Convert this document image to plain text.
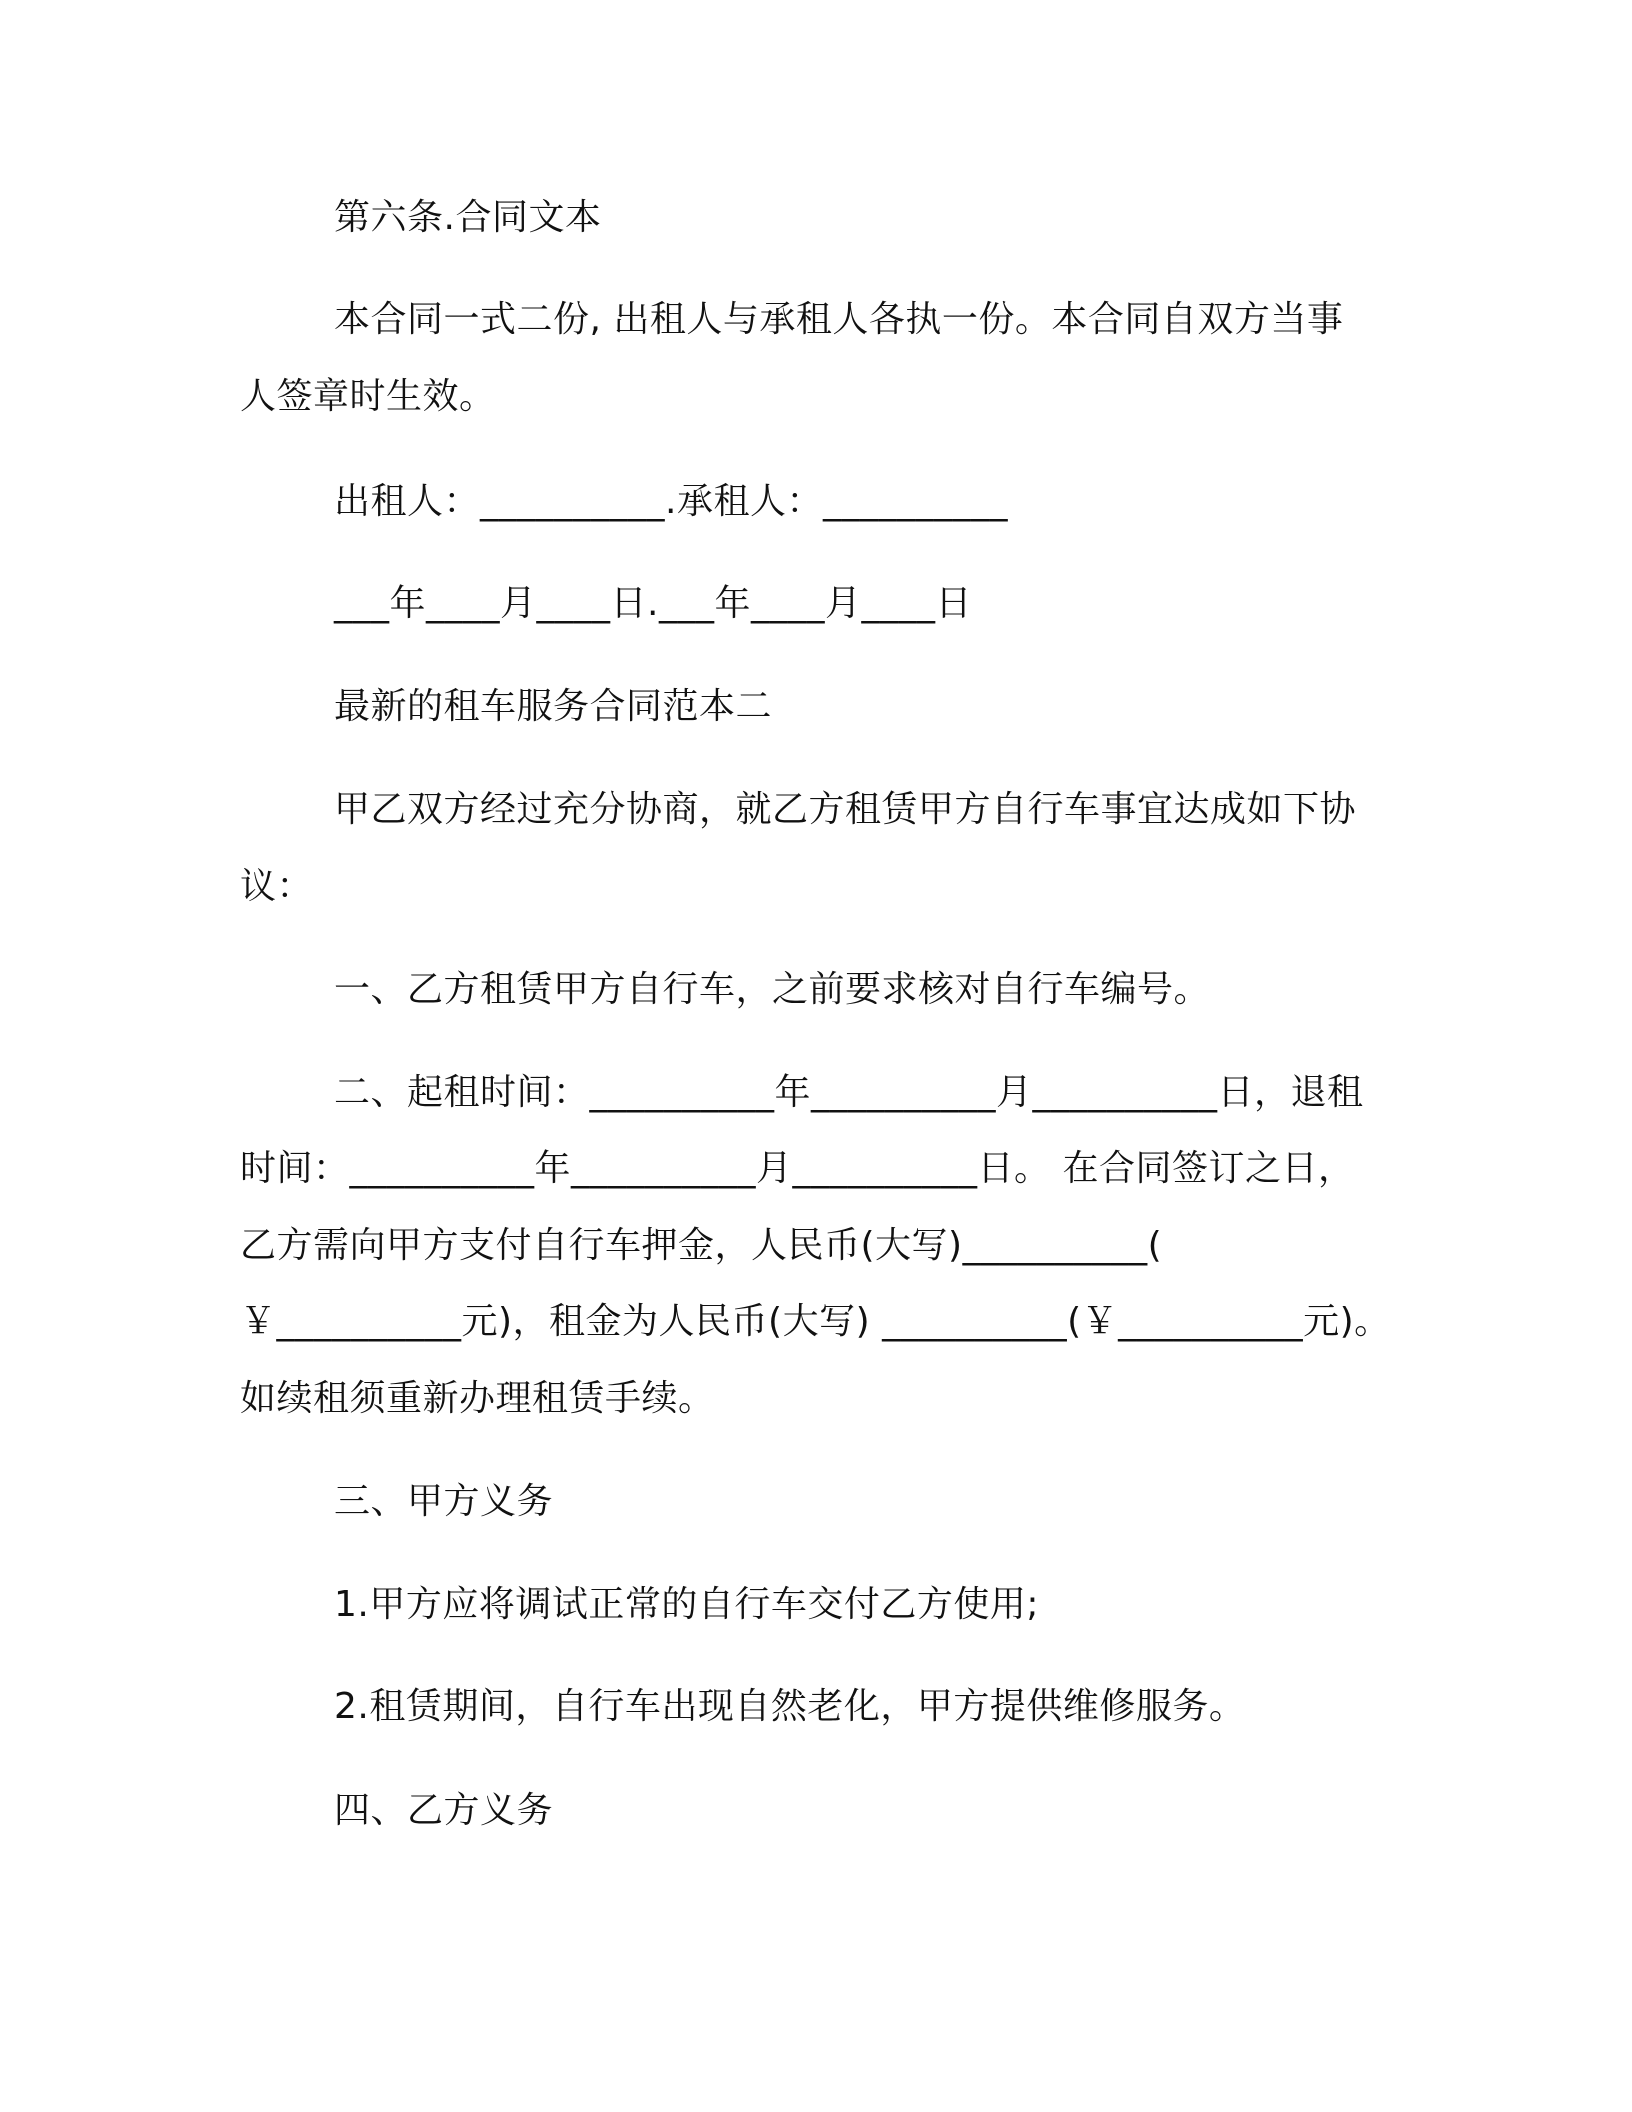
第六条.合同文本
本合同一式二份, 出租人与承租人各执一份。本合同自双方当事
人签章时生效。
出租人：__________.承租人：__________
___年____月____日.___年____月____日
最新的租车服务合同范本二
甲乙双方经过充分协商，就乙方租赁甲方自行车事宜达成如下协
议：
一、乙方租赁甲方自行车，之前要求核对自行车编号。
二、起租时间：__________年__________月__________日，退租
时间：__________年__________月__________日。 在合同签订之日，
乙方需向甲方支付自行车押金，人民币(大写)__________(
￥__________元)，租金为人民币(大写) __________(￥__________元)。
如续租须重新办理租赁手续。
三、甲方义务
1.甲方应将调试正常的自行车交付乙方使用;
2.租赁期间，自行车出现自然老化，甲方提供维修服务。
四、乙方义务
